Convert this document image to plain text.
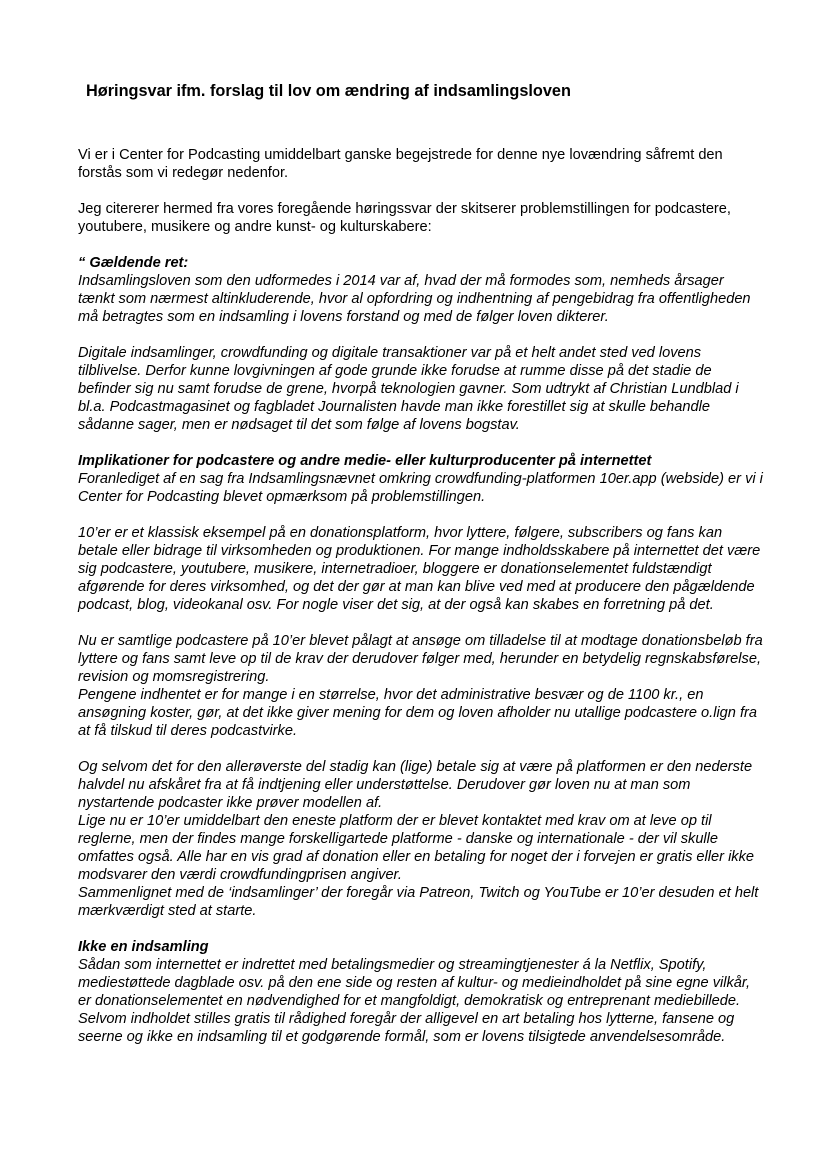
Høringsvar ifm. forslag til lov om ændring af indsamlingsloven

Vi er i Center for Podcasting umiddelbart ganske begejstrede for denne nye lovændring såfremt den forstås som vi redegør nedenfor.

Jeg citererer hermed fra vores foregående høringssvar der skitserer problemstillingen for podcastere, youtubere, musikere og andre kunst- og kulturskabere:

“ Gældende ret:

Indsamlingsloven som den udformedes i 2014 var af, hvad der må formodes som, nemheds årsager tænkt som nærmest altinkluderende, hvor al opfordring og indhentning af pengebidrag fra offentligheden må betragtes som en indsamling i lovens forstand og med de følger loven dikterer.

Digitale indsamlinger, crowdfunding og digitale transaktioner var på et helt andet sted ved lovens tilblivelse. Derfor kunne lovgivningen af gode grunde ikke forudse at rumme disse på det stadie de befinder sig nu samt forudse de grene, hvorpå teknologien gavner. Som udtrykt af Christian Lundblad i bl.a. Podcastmagasinet og fagbladet Journalisten havde man ikke forestillet sig at skulle behandle sådanne sager, men er nødsaget til det som følge af lovens bogstav.

Implikationer for podcastere og andre medie- eller kulturproducenter på internettet

Foranlediget af en sag fra Indsamlingsnævnet omkring crowdfunding-platformen 10er.app (webside) er vi i Center for Podcasting blevet opmærksom på problemstillingen.

10’er er et klassisk eksempel på en donationsplatform, hvor lyttere, følgere, subscribers og fans kan betale eller bidrage til virksomheden og produktionen. For mange indholdsskabere på internettet det være sig podcastere, youtubere, musikere, internetradioer, bloggere er donationselementet fuldstændigt afgørende for deres virksomhed, og det der gør at man kan blive ved med at producere den pågældende podcast, blog, videokanal osv. For nogle viser det sig, at der også kan skabes en forretning på det.

Nu er samtlige podcastere på 10’er blevet pålagt at ansøge om tilladelse til at modtage donationsbeløb fra lyttere og fans samt leve op til de krav der derudover følger med, herunder en betydelig regnskabsførelse, revision og momsregistrering.
Pengene indhentet er for mange i en størrelse, hvor det administrative besvær og de 1100 kr., en ansøgning koster, gør, at det ikke giver mening for dem og loven afholder nu utallige podcastere o.lign fra at få tilskud til deres podcastvirke.

Og selvom det for den allerøverste del stadig kan (lige) betale sig at være på platformen er den nederste halvdel nu afskåret fra at få indtjening eller understøttelse. Derudover gør loven nu at man som nystartende podcaster ikke prøver modellen af.
Lige nu er 10’er umiddelbart den eneste platform der er blevet kontaktet med krav om at leve op til reglerne, men der findes mange forskelligartede platforme - danske og internationale - der vil skulle omfattes også. Alle har en vis grad af donation eller en betaling for noget der i forvejen er gratis eller ikke modsvarer den værdi crowdfundingprisen angiver.
Sammenlignet med de ‘indsamlinger’ der foregår via Patreon, Twitch og YouTube er 10’er desuden et helt mærkværdigt sted at starte.

Ikke en indsamling

Sådan som internettet er indrettet med betalingsmedier og streamingtjenester á la Netflix, Spotify, mediestøttede dagblade osv. på den ene side og resten af kultur- og medieindholdet på sine egne vilkår, er donationselementet en nødvendighed for et mangfoldigt, demokratisk og entreprenant mediebillede.
Selvom indholdet stilles gratis til rådighed foregår der alligevel en art betaling hos lytterne, fansene og seerne og ikke en indsamling til et godgørende formål, som er lovens tilsigtede anvendelsesområde.
